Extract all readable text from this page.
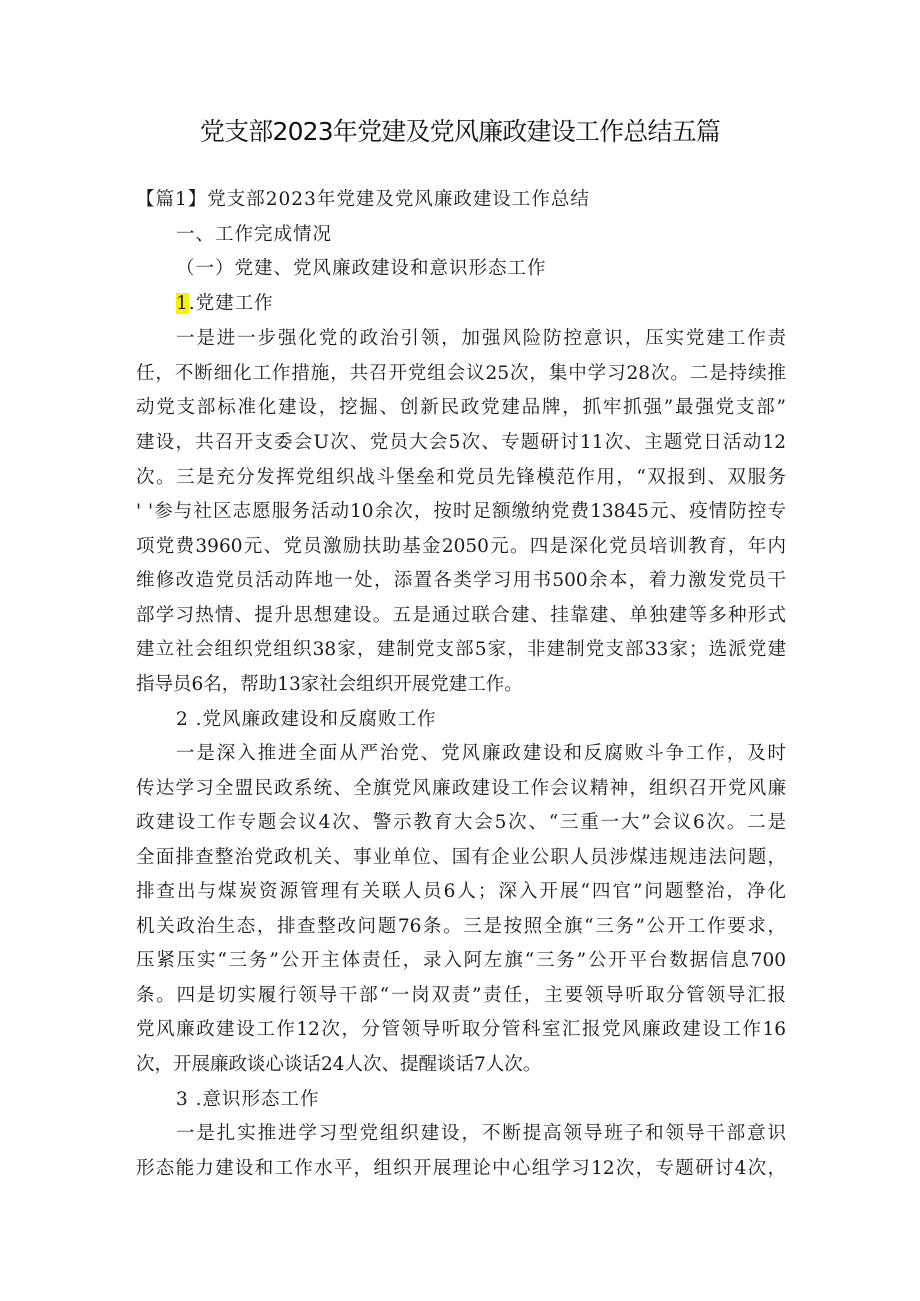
党支部2023年党建及党风廉政建设工作总结五篇
【篇1】党支部2023年党建及党风廉政建设工作总结
一、工作完成情况
（一）党建、党风廉政建设和意识形态工作
1.党建工作
一是进一步强化党的政治引领，加强风险防控意识，压实党建工作责
任，不断细化工作措施，共召开党组会议25次，集中学习28次。二是持续推
动党支部标准化建设，挖掘、创新民政党建品牌，抓牢抓强”最强党支部”
建设，共召开支委会U次、党员大会5次、专题研讨11次、主题党日活动12
次。三是充分发挥党组织战斗堡垒和党员先锋模范作用，“双报到、双服务
' '参与社区志愿服务活动10余次，按时足额缴纳党费13845元、疫情防控专
项党费3960元、党员激励扶助基金2050元。四是深化党员培训教育，年内
维修改造党员活动阵地一处，添置各类学习用书500余本，着力激发党员干
部学习热情、提升思想建设。五是通过联合建、挂靠建、单独建等多种形式
建立社会组织党组织38家，建制党支部5家，非建制党支部33家；选派党建
指导员6名，帮助13家社会组织开展党建工作。
2 .党风廉政建设和反腐败工作
一是深入推进全面从严治党、党风廉政建设和反腐败斗争工作，及时
传达学习全盟民政系统、全旗党风廉政建设工作会议精神，组织召开党风廉
政建设工作专题会议4次、警示教育大会5次、“三重一大”会议6次。二是
全面排查整治党政机关、事业单位、国有企业公职人员涉煤违规违法问题，
排查出与煤炭资源管理有关联人员6人；深入开展“四官”问题整治，净化
机关政治生态，排查整改问题76条。三是按照全旗“三务”公开工作要求，
压紧压实“三务”公开主体责任，录入阿左旗“三务”公开平台数据信息700
条。四是切实履行领导干部“一岗双责”责任，主要领导听取分管领导汇报
党风廉政建设工作12次，分管领导听取分管科室汇报党风廉政建设工作16
次，开展廉政谈心谈话24人次、提醒谈话7人次。
3 .意识形态工作
一是扎实推进学习型党组织建设，不断提高领导班子和领导干部意识
形态能力建设和工作水平，组织开展理论中心组学习12次，专题研讨4次，
